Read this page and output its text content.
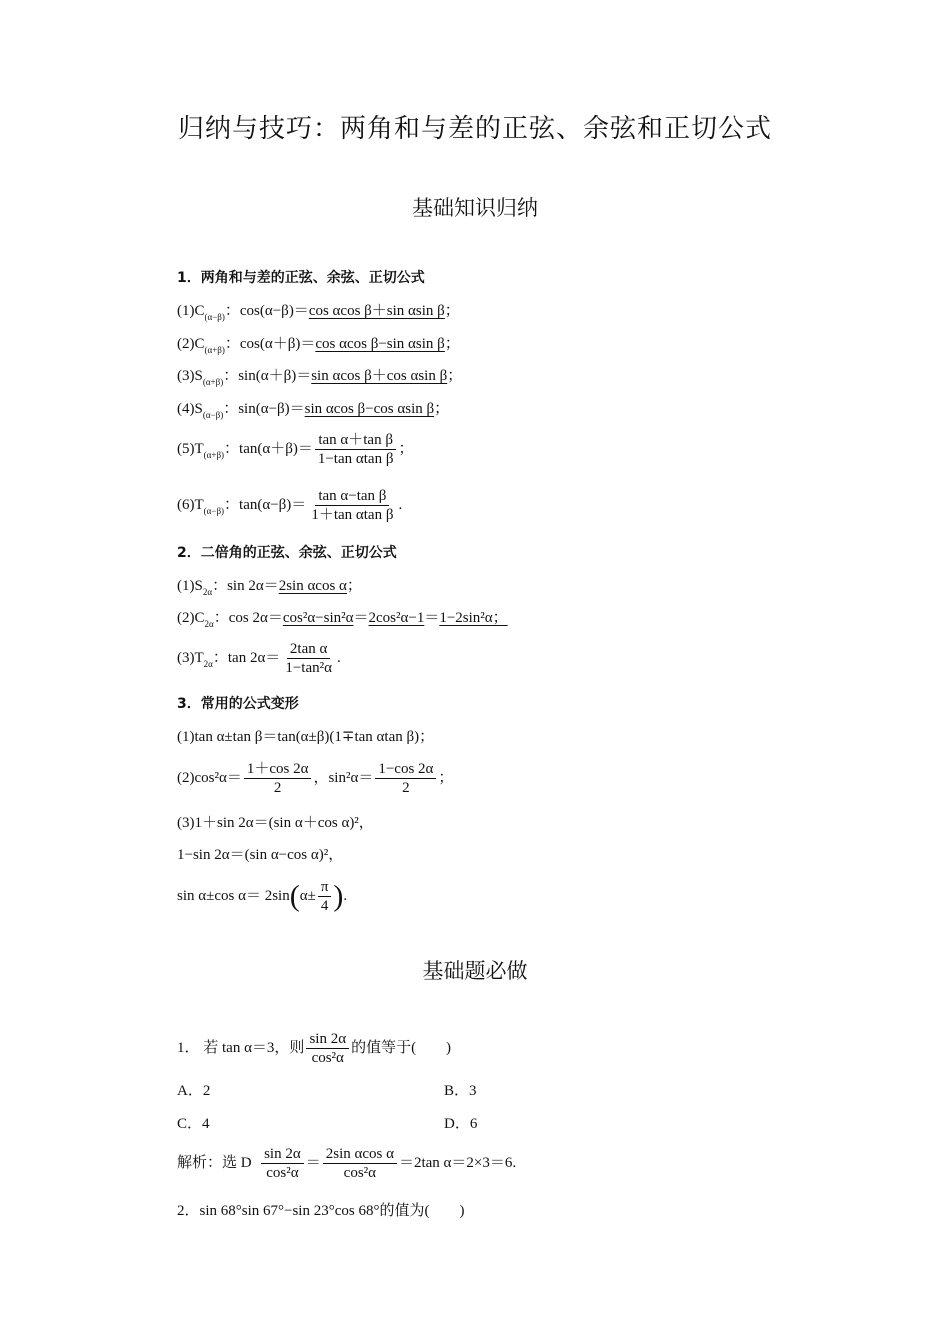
归纳与技巧：两角和与差的正弦、余弦和正切公式
基础知识归纳
1．两角和与差的正弦、余弦、正切公式
$(1)C_{(\alpha-\beta)}$：cos(α−β)＝cos αcos β＋sin αsin β；
$(2)C_{(\alpha+\beta)}$：cos(α＋β)＝cos αcos β−sin αsin β；
$(3)S_{(\alpha+\beta)}$：sin(α＋β)＝sin αcos β＋cos αsin β；
$(4)S_{(\alpha-\beta)}$：sin(α−β)＝sin αcos β−cos αsin β；
$(5)T_{(\alpha+\beta)}$：$\tan(\alpha+\beta)= \frac{\text{tan α＋tan β}}{\text{1−tan αtan β}}$ ；
$(6)T_{(\alpha-\beta)}$：$\tan(\alpha-\beta)= \frac{\text{tan α−tan β}}{\text{1＋tan αtan β}}$ .
2．二倍角的正弦、余弦、正切公式
$(1)S_{2\alpha}$：sin 2α＝2sin αcos α；
$(2)C_{2\alpha}$：cos 2α＝cos²α−sin²α＝2cos²α−1＝1−2sin²α；
$(3)T_{2\alpha}$：$\tan 2\alpha= \frac{\text{2tan α}}{\text{1−tan²α}}$ .
3．常用的公式变形
(1)tan α±tan β＝tan(α±β)(1∓tan αtan β)；
$(2)\cos^2\alpha= \frac{1+\cos 2\alpha}{2}$ ，$\sin^2\alpha= \frac{1-\cos 2\alpha}{2}$ ；
(3)1＋sin 2α＝(sin α＋cos α)²，
1−sin 2α＝(sin α−cos α)²，
sin α±cos $\alpha= 2\sin(\alpha\pm \frac{\pi}{4}$ ).
基础题必做
1． 若 tan α＝3，则 $\frac{\sin 2\alpha}{\text{cos²α}}$ 的值等于(　　)
A．2	B．3
C．4	D．6
解析：选 D $\frac{\sin 2\alpha}{\text{cos²α}} = \frac{\text{2sin αcos α}}{\text{cos²α}} =2\tan$ α＝2×3＝6.
2．sin 68°sin 67°−sin 23°cos 68°的值为(　　)
